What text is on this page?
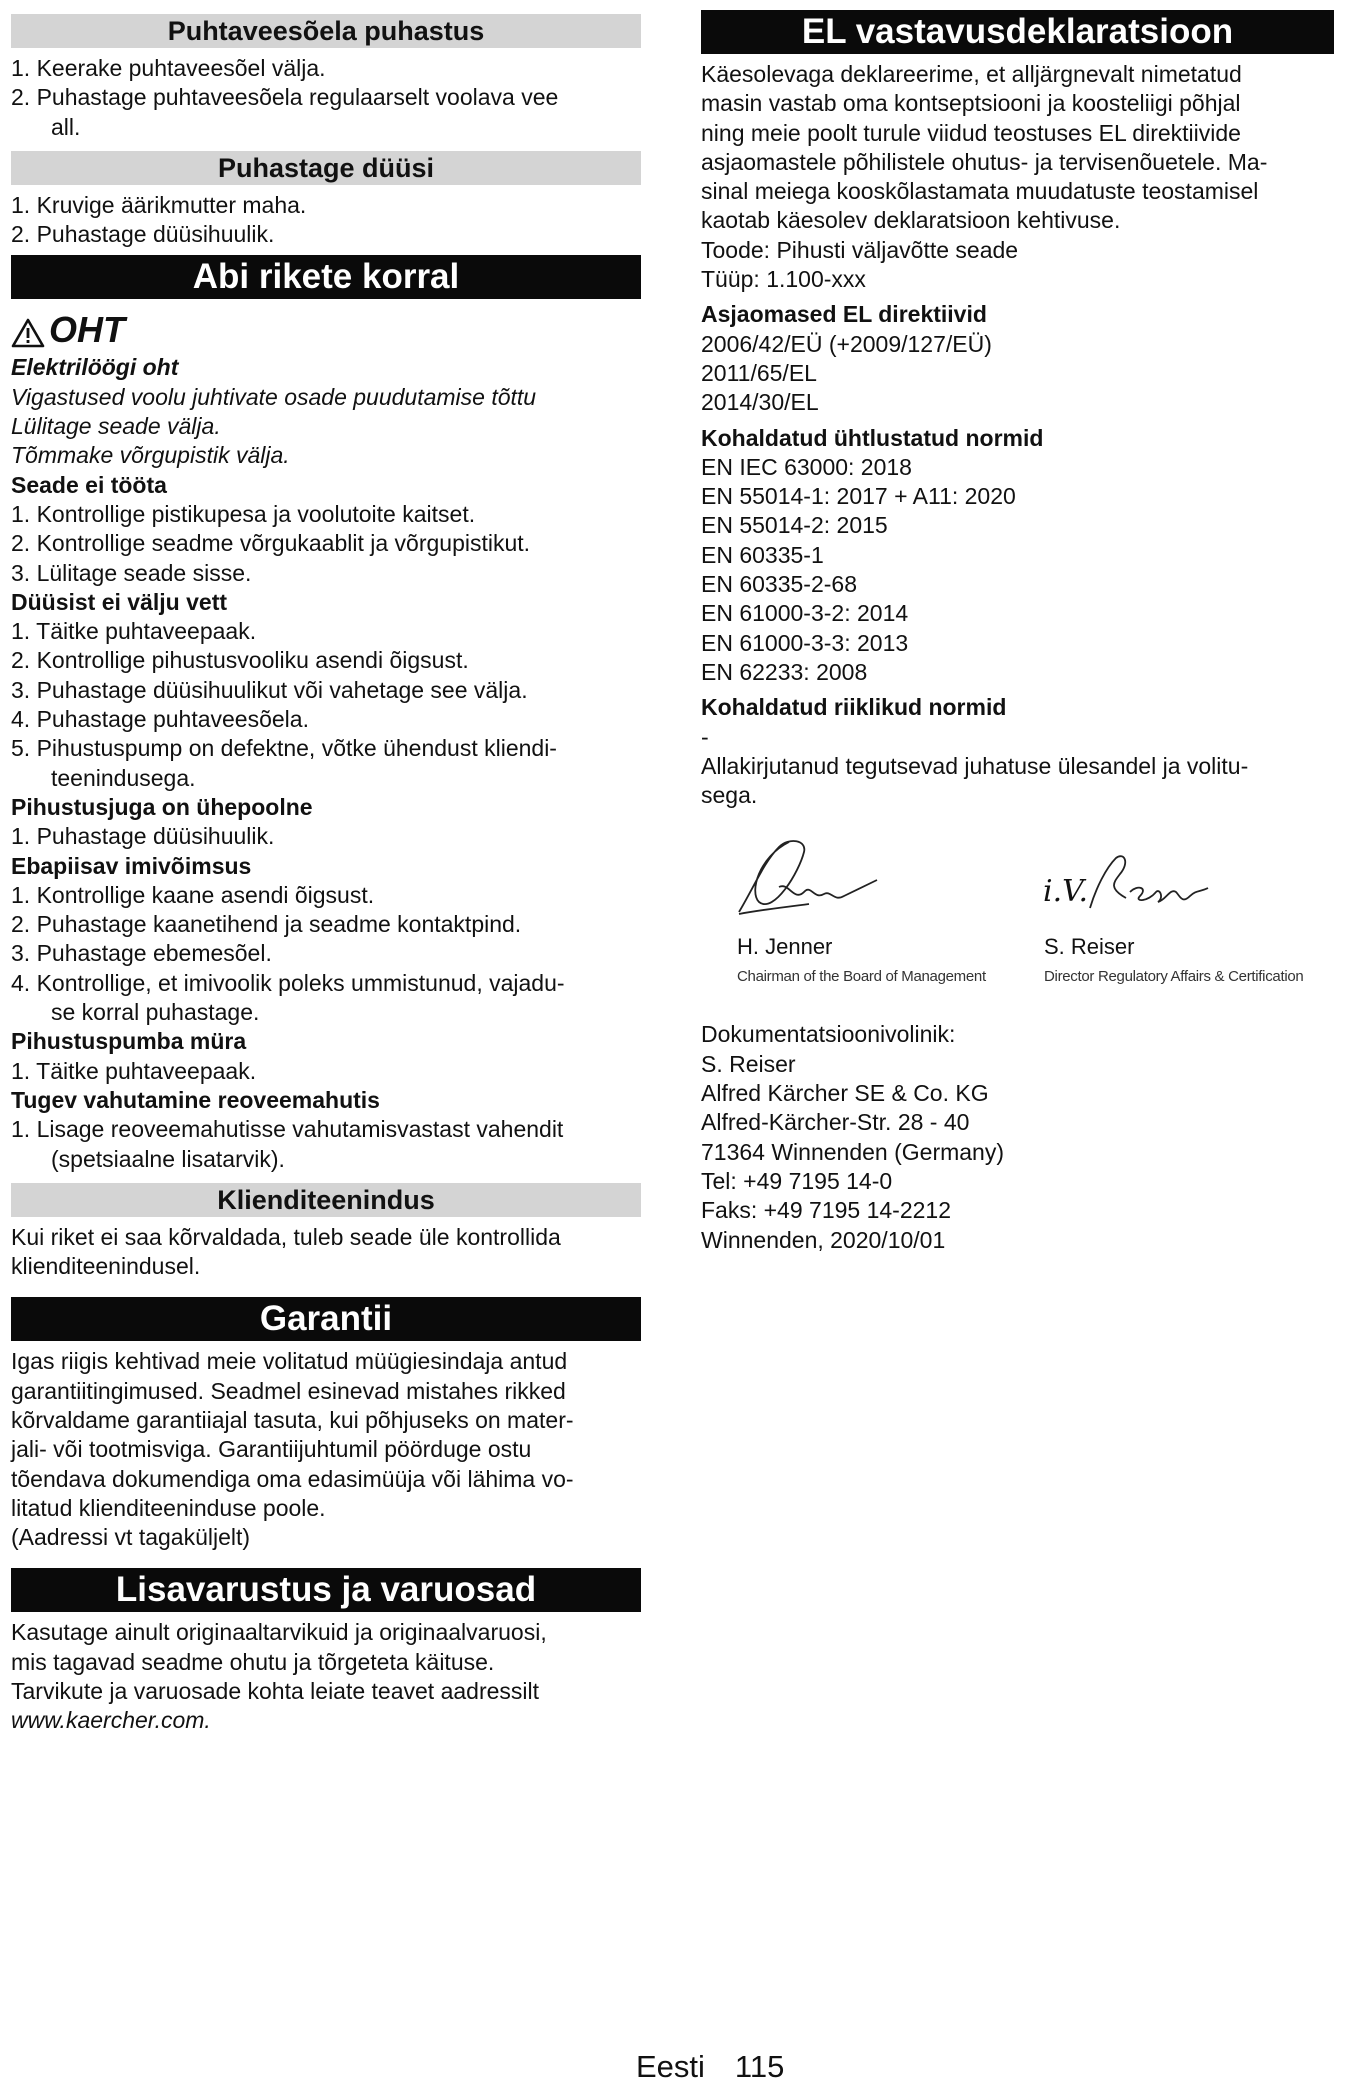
Puhtaveesõela puhastus
1. Keerake puhtaveesõel välja.
2. Puhastage puhtaveesõela regulaarselt voolava vee
all.
Puhastage düüsi
1. Kruvige äärikmutter maha.
2. Puhastage düüsihuulik.
Abi rikete korral
OHT
Elektrilöögi oht
Vigastused voolu juhtivate osade puudutamise tõttu
Lülitage seade välja.
Tõmmake võrgupistik välja.
Seade ei tööta
1. Kontrollige pistikupesa ja voolutoite kaitset.
2. Kontrollige seadme võrgukaablit ja võrgupistikut.
3. Lülitage seade sisse.
Düüsist ei välju vett
1. Täitke puhtaveepaak.
2. Kontrollige pihustusvooliku asendi õigsust.
3. Puhastage düüsihuulikut või vahetage see välja.
4. Puhastage puhtaveesõela.
5. Pihustuspump on defektne, võtke ühendust kliendi-
teenindusega.
Pihustusjuga on ühepoolne
1. Puhastage düüsihuulik.
Ebapiisav imivõimsus
1. Kontrollige kaane asendi õigsust.
2. Puhastage kaanetihend ja seadme kontaktpind.
3. Puhastage ebemesõel.
4. Kontrollige, et imivoolik poleks ummistunud, vajadu-
se korral puhastage.
Pihustuspumba müra
1. Täitke puhtaveepaak.
Tugev vahutamine reoveemahutis
1. Lisage reoveemahutisse vahutamisvastast vahendit
(spetsiaalne lisatarvik).
Klienditeenindus
Kui riket ei saa kõrvaldada, tuleb seade üle kontrollida
klienditeenindusel.
Garantii
Igas riigis kehtivad meie volitatud müügiesindaja antud
garantiitingimused. Seadmel esinevad mistahes rikked
kõrvaldame garantiiajal tasuta, kui põhjuseks on mater-
jali- või tootmisviga. Garantiijuhtumil pöörduge ostu
tõendava dokumendiga oma edasimüüja või lähima vo-
litatud klienditeeninduse poole.
(Aadressi vt tagaküljelt)
Lisavarustus ja varuosad
Kasutage ainult originaaltarvikuid ja originaalvaruosi,
mis tagavad seadme ohutu ja tõrgeteta käituse.
Tarvikute ja varuosade kohta leiate teavet aadressilt
www.kaercher.com.
EL vastavusdeklaratsioon
Käesolevaga deklareerime, et alljärgnevalt nimetatud
masin vastab oma kontseptsiooni ja koosteliigi põhjal
ning meie poolt turule viidud teostuses EL direktiivide
asjaomastele põhilistele ohutus- ja tervisenõuetele. Ma-
sinal meiega kooskõlastamata muudatuste teostamisel
kaotab käesolev deklaratsioon kehtivuse.
Toode: Pihusti väljavõtte seade
Tüüp: 1.100-xxx
Asjaomased EL direktiivid
2006/42/EÜ (+2009/127/EÜ)
2011/65/EL
2014/30/EL
Kohaldatud ühtlustatud normid
EN IEC 63000: 2018
EN 55014-1: 2017 + A11: 2020
EN 55014-2: 2015
EN 60335-1
EN 60335-2-68
EN 61000-3-2: 2014
EN 61000-3-3: 2013
EN 62233: 2008
Kohaldatud riiklikud normid
-
Allakirjutanud tegutsevad juhatuse ülesandel ja volitu-
sega.
H. Jenner
Chairman of the Board of Management
i.V.
S. Reiser
Director Regulatory Affairs & Certification
Dokumentatsioonivolinik:
S. Reiser
Alfred Kärcher SE & Co. KG
Alfred-Kärcher-Str. 28 - 40
71364 Winnenden (Germany)
Tel: +49 7195 14-0
Faks: +49 7195 14-2212
Winnenden, 2020/10/01
Eesti 115
